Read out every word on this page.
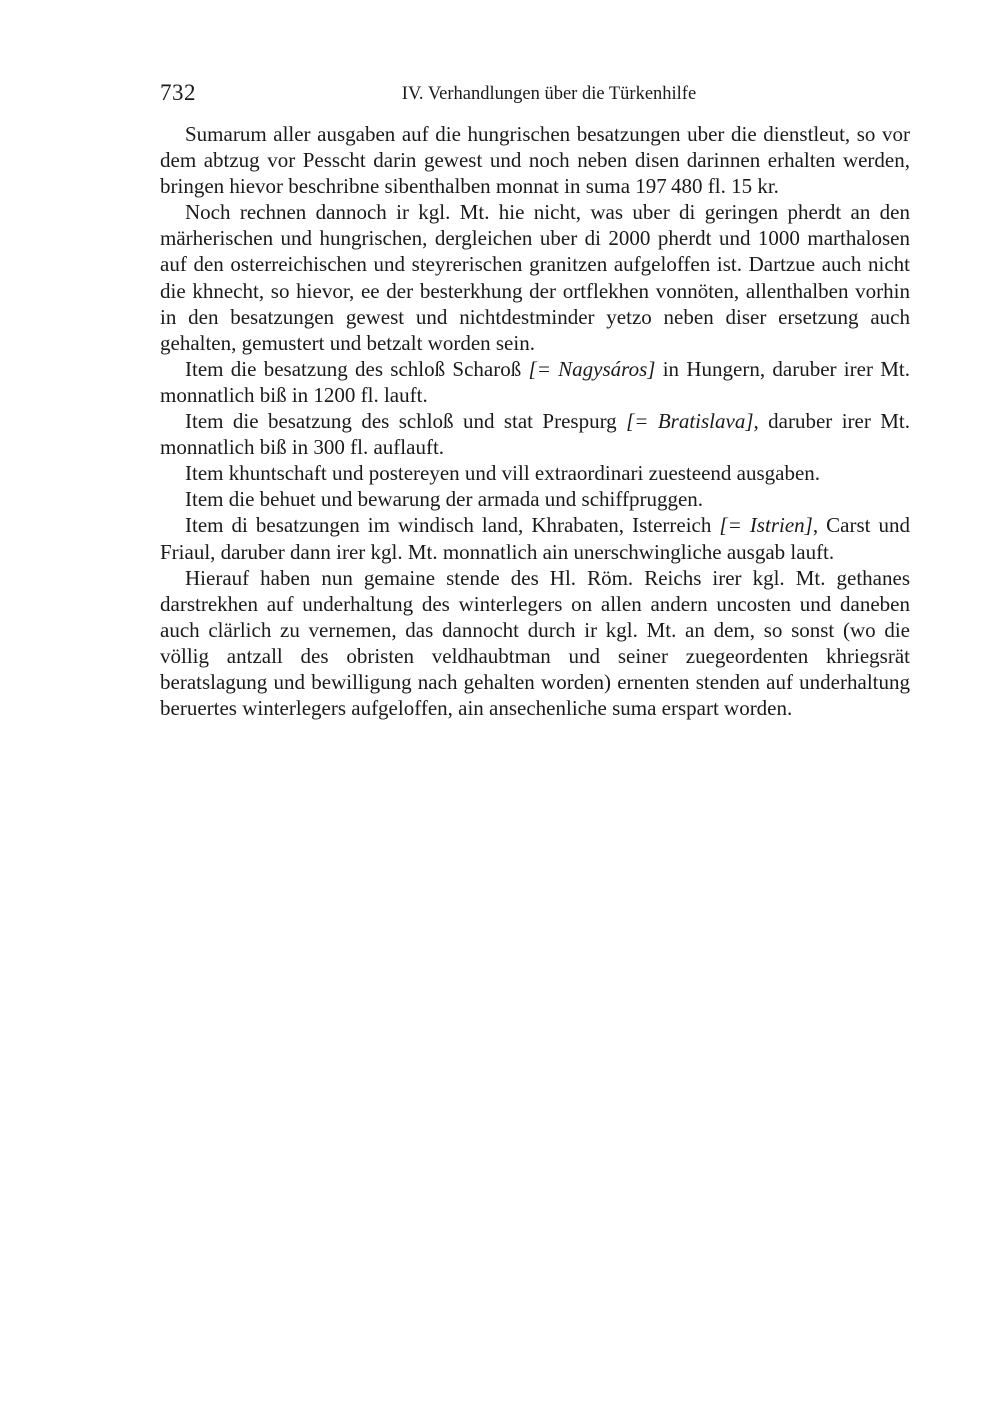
732	IV. Verhandlungen über die Türkenhilfe

Sumarum aller ausgaben auf die hungrischen besatzungen uber die dienstleut, so vor dem abtzug vor Pesscht darin gewest und noch neben disen darinnen erhalten werden, bringen hievor beschribne sibenthalben monnat in suma 197 480 fl. 15 kr.

Noch rechnen dannoch ir kgl. Mt. hie nicht, was uber di geringen pherdt an den märherischen und hungrischen, dergleichen uber di 2000 pherdt und 1000 marthalosen auf den osterreichischen und steyrerischen granitzen aufgeloffen ist. Dartzue auch nicht die khnecht, so hievor, ee der besterkhung der ortflekhen vonnöten, allenthalben vorhin in den besatzungen gewest und nichtdestminder yetzo neben diser ersetzung auch gehalten, gemustert und betzalt worden sein.

Item die besatzung des schloß Scharoß [= Nagysáros] in Hungern, daruber irer Mt. monnatlich biß in 1200 fl. lauft.

Item die besatzung des schloß und stat Prespurg [= Bratislava], daruber irer Mt. monnatlich biß in 300 fl. auflauft.

Item khuntschaft und postereyen und vill extraordinari zuesteend ausgaben.

Item die behuet und bewarung der armada und schiffpruggen.

Item di besatzungen im windisch land, Khrabaten, Isterreich [= Istrien], Carst und Friaul, daruber dann irer kgl. Mt. monnatlich ain unerschwingliche ausgab lauft.

Hierauf haben nun gemaine stende des Hl. Röm. Reichs irer kgl. Mt. gethanes darstrekhen auf underhaltung des winterlegers on allen andern uncosten und daneben auch clärlich zu vernemen, das dannocht durch ir kgl. Mt. an dem, so sonst (wo die völlig antzall des obristen veldhaubtman und seiner zuegeordenten khriegsrät beratslagung und bewilligung nach gehalten worden) ernenten stenden auf underhaltung beruertes winterlegers aufgeloffen, ain ansechenliche suma erspart worden.
